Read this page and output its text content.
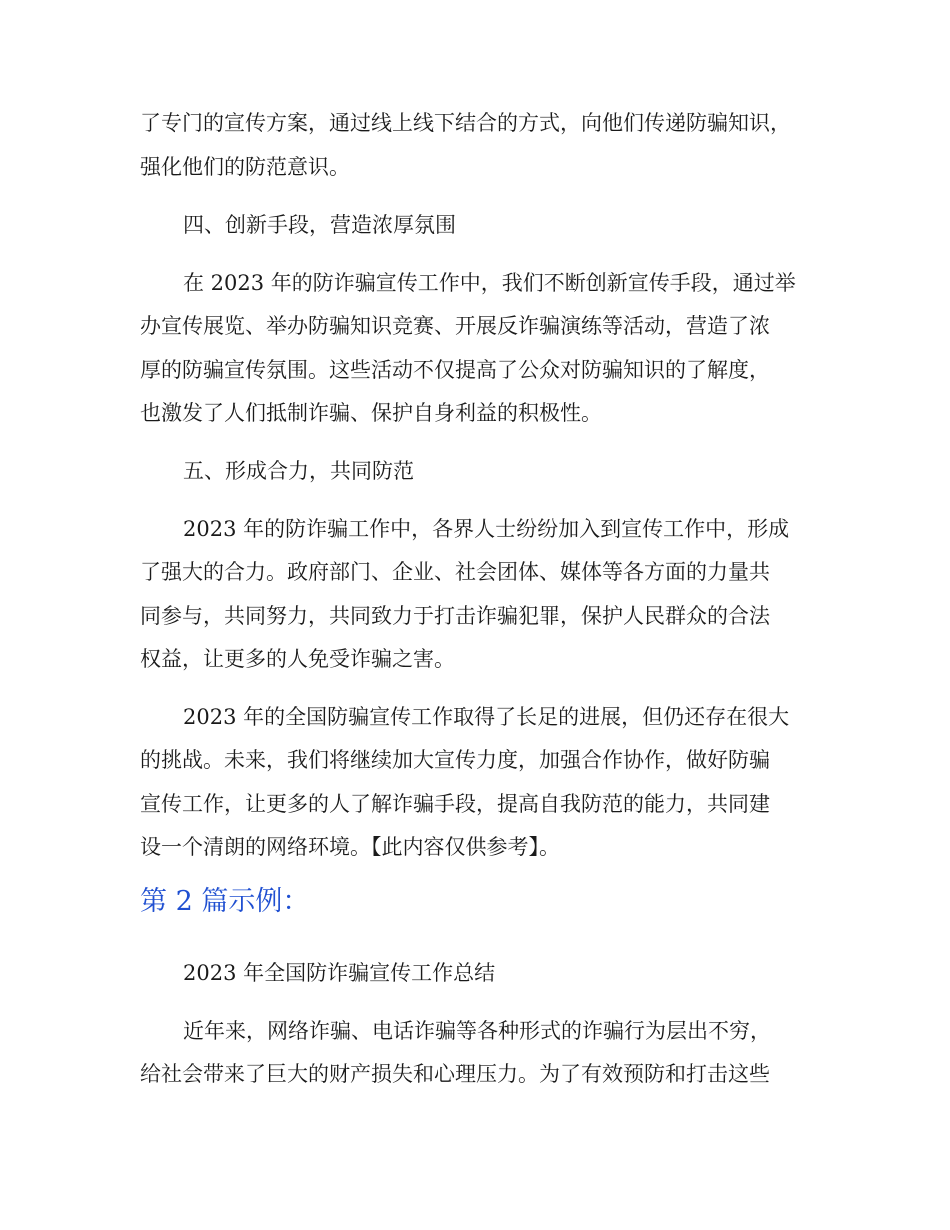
了专门的宣传方案，通过线上线下结合的方式，向他们传递防骗知识，
强化他们的防范意识。
四、创新手段，营造浓厚氛围
在 2023 年的防诈骗宣传工作中，我们不断创新宣传手段，通过举
办宣传展览、举办防骗知识竞赛、开展反诈骗演练等活动，营造了浓
厚的防骗宣传氛围。这些活动不仅提高了公众对防骗知识的了解度，
也激发了人们抵制诈骗、保护自身利益的积极性。
五、形成合力，共同防范
2023 年的防诈骗工作中，各界人士纷纷加入到宣传工作中，形成
了强大的合力。政府部门、企业、社会团体、媒体等各方面的力量共
同参与，共同努力，共同致力于打击诈骗犯罪，保护人民群众的合法
权益，让更多的人免受诈骗之害。
2023 年的全国防骗宣传工作取得了长足的进展，但仍还存在很大
的挑战。未来，我们将继续加大宣传力度，加强合作协作，做好防骗
宣传工作，让更多的人了解诈骗手段，提高自我防范的能力，共同建
设一个清朗的网络环境。【此内容仅供参考】。
第 2 篇示例：
2023 年全国防诈骗宣传工作总结
近年来，网络诈骗、电话诈骗等各种形式的诈骗行为层出不穷，
给社会带来了巨大的财产损失和心理压力。为了有效预防和打击这些
